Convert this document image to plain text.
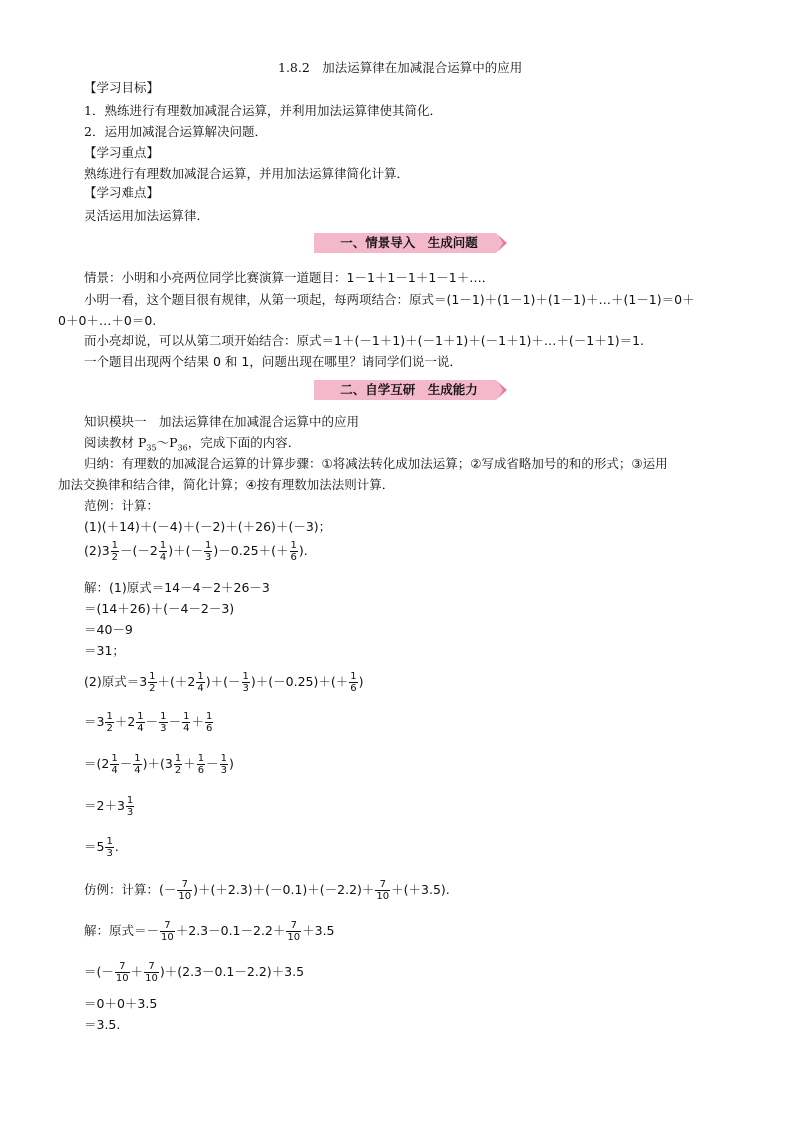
1.8.2　加法运算律在加减混合运算中的应用
【学习目标】
1．熟练进行有理数加减混合运算，并利用加法运算律使其简化．
2．运用加减混合运算解决问题．
【学习重点】
熟练进行有理数加减混合运算，并用加法运算律简化计算．
【学习难点】
灵活运用加法运算律．
一、情景导入　生成问题
情景：小明和小亮两位同学比赛演算一道题目：1－1＋1－1＋1－1＋…．
小明一看，这个题目很有规律，从第一项起，每两项结合：原式＝(1－1)＋(1－1)＋(1－1)＋…＋(1－1)＝0＋
0＋0＋…＋0＝0.
而小亮却说，可以从第二项开始结合：原式＝1＋(－1＋1)＋(－1＋1)＋(－1＋1)＋…＋(－1＋1)＝1.
一个题目出现两个结果 0 和 1，问题出现在哪里？请同学们说一说．
二、自学互研　生成能力
知识模块一　加法运算律在加减混合运算中的应用
阅读教材 $P_{35}\sim P_{36}$，完成下面的内容．
归纳：有理数的加减混合运算的计算步骤：①将减法转化成加法运算；②写成省略加号的和的形式；③运用
加法交换律和结合律，简化计算；④按有理数加法法则计算．
范例：计算：
(1)(＋14)＋(－4)＋(－2)＋(＋26)＋(－3)；
$(2)3 \frac{1}{2} -(-2 \frac{1}{4}$ )＋(－ $\frac{1}{3} )-0.25+(+ \frac{1}{6}$ ).
解：(1)原式＝14－4－2＋26－3
＝(14＋26)＋(－4－2－3)
＝40－9
＝31；
(2)原式$=3 \frac{1}{2} +(+2 \frac{1}{4}$ )＋(－ $\frac{1}{3} )+(-0.25)+(+ \frac{1}{6}$ )
$=3 \frac{1}{2} +2 \frac{1}{4} - \frac{1}{3} - \frac{1}{4} + \frac{1}{6}$
$=(2 \frac{1}{4} - \frac{1}{4} )+(3 \frac{1}{2} + \frac{1}{6} - \frac{1}{3}$ )
$=2+3 \frac{1}{3}$
$=5 \frac{1}{3}$ .
仿例：计算：(－ $\frac{7}{10} )+(+2.3)+(-0.1)+(-2.2)+ \frac{7}{10} +(+3.5)$.
解：原式＝－ $\frac{7}{10} +2.3-0.1-2.2+ \frac{7}{10} +3.5$
＝(－ $\frac{7}{10} + \frac{7}{10} )+(2.3-0.1-2.2)+3.5$
＝0＋0＋3.5
＝3.5.
